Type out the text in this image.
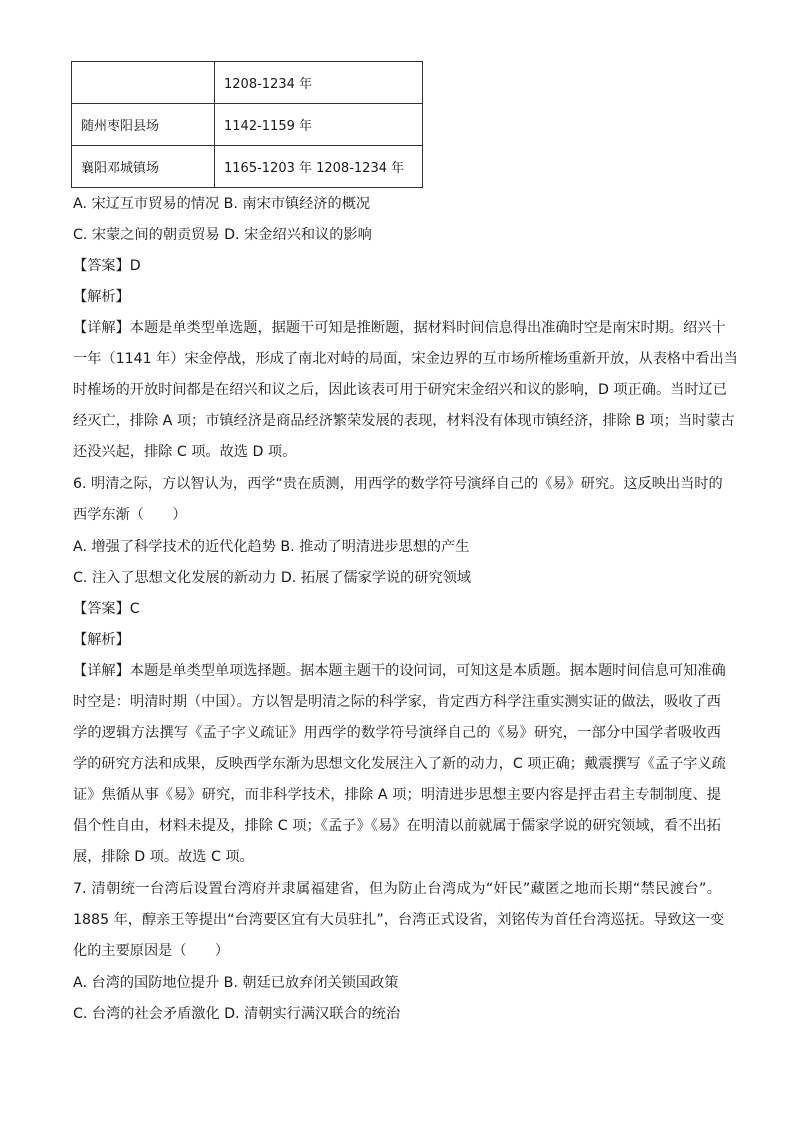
	1208-1234 年
随州枣阳县场	1142-1159 年
襄阳邓城镇场	1165-1203 年 1208-1234 年
A. 宋辽互市贸易的情况 B. 南宋市镇经济的概况
C. 宋蒙之间的朝贡贸易 D. 宋金绍兴和议的影响
【答案】D
【解析】
【详解】本题是单类型单选题，据题干可知是推断题，据材料时间信息得出准确时空是南宋时期。绍兴十
一年（1141 年）宋金停战，形成了南北对峙的局面，宋金边界的互市场所榷场重新开放，从表格中看出当
时榷场的开放时间都是在绍兴和议之后，因此该表可用于研究宋金绍兴和议的影响，D 项正确。当时辽已
经灭亡，排除 A 项；市镇经济是商品经济繁荣发展的表现，材料没有体现市镇经济，排除 B 项；当时蒙古
还没兴起，排除 C 项。故选 D 项。
6. 明清之际，方以智认为，西学“贵在质测，用西学的数学符号演绎自己的《易》研究。这反映出当时的
西学东渐（　　）
A. 增强了科学技术的近代化趋势 B. 推动了明清进步思想的产生
C. 注入了思想文化发展的新动力 D. 拓展了儒家学说的研究领域
【答案】C
【解析】
【详解】本题是单类型单项选择题。据本题主题干的设问词，可知这是本质题。据本题时间信息可知准确
时空是：明清时期（中国）。方以智是明清之际的科学家，肯定西方科学注重实测实证的做法，吸收了西
学的逻辑方法撰写《孟子字义疏证》用西学的数学符号演绎自己的《易》研究，一部分中国学者吸收西
学的研究方法和成果，反映西学东渐为思想文化发展注入了新的动力，C 项正确；戴震撰写《孟子字义疏
证》焦循从事《易》研究，而非科学技术，排除 A 项；明清进步思想主要内容是抨击君主专制制度、提
倡个性自由，材料未提及，排除 C 项；《孟子》《易》在明清以前就属于儒家学说的研究领域，看不出拓
展，排除 D 项。故选 C 项。
7. 清朝统一台湾后设置台湾府并隶属福建省，但为防止台湾成为“奸民”藏匿之地而长期“禁民渡台”。
1885 年，醇亲王等提出“台湾要区宜有大员驻扎”，台湾正式设省，刘铭传为首任台湾巡抚。导致这一变
化的主要原因是（　　）
A. 台湾的国防地位提升 B. 朝廷已放弃闭关锁国政策
C. 台湾的社会矛盾激化 D. 清朝实行满汉联合的统治
